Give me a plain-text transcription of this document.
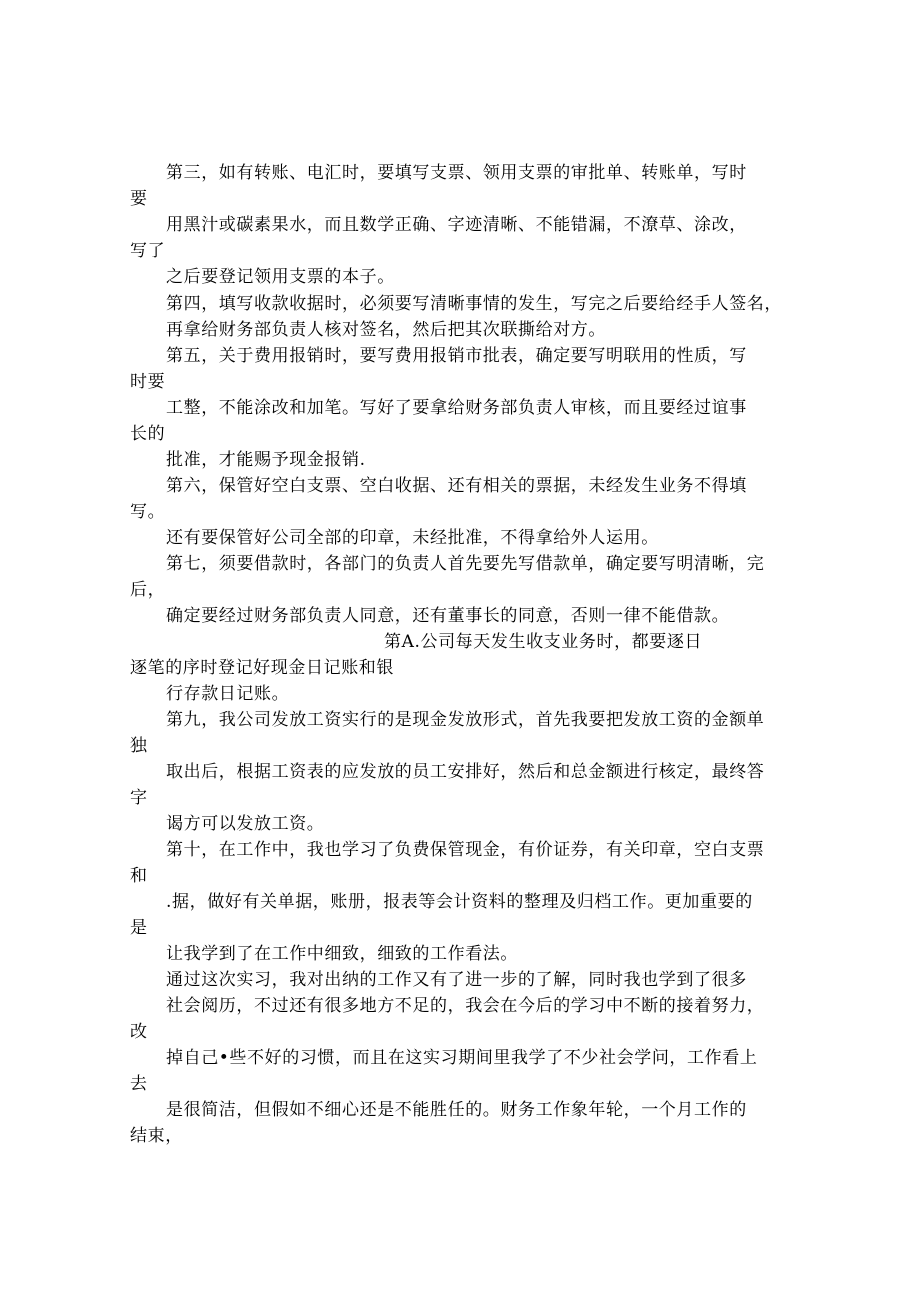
第三，如有转账、电汇时，要填写支票、领用支票的审批单、转账单，写时
要
用黑汁或碳素果水，而且数学正确、字迹清晰、不能错漏，不潦草、涂改，
写了
之后要登记领用支票的本子。
第四，填写收款收据时，必须要写清晰事情的发生，写完之后要给经手人签名，
再拿给财务部负责人核对签名，然后把其次联撕给对方。
第五，关于费用报销时，要写费用报销市批表，确定要写明联用的性质，写
时要
工整，不能涂改和加笔。写好了要拿给财务部负责人审核，而且要经过谊事
长的
批准，才能赐予现金报销.
第六，保管好空白支票、空白收据、还有相关的票据，未经发生业务不得填
写。
还有要保管好公司全部的印章，未经批准，不得拿给外人运用。
第七，须要借款时，各部门的负责人首先要先写借款单，确定要写明清晰，完
后，
确定要经过财务部负责人同意，还有董事长的同意，否则一律不能借款。
第A.公司每天发生收支业务时，都要逐日
逐笔的序时登记好现金日记账和银
行存款日记账。
第九，我公司发放工资实行的是现金发放形式，首先我要把发放工资的金额单
独
取出后，根据工资表的应发放的员工安排好，然后和总金额进行核定，最终答
字
谒方可以发放工资。
第十，在工作中，我也学习了负费保管现金，有价证券，有关印章，空白支票
和
.据，做好有关单据，账册，报表等会计资料的整理及归档工作。更加重要的
是
让我学到了在工作中细致，细致的工作看法。
通过这次实习，我对出纳的工作又有了进一步的了解，同时我也学到了很多
社会阅历，不过还有很多地方不足的，我会在今后的学习中不断的接着努力，
改
掉自己•些不好的习惯，而且在这实习期间里我学了不少社会学问，工作看上
去
是很简洁，但假如不细心还是不能胜任的。财务工作象年轮，一个月工作的
结束，
